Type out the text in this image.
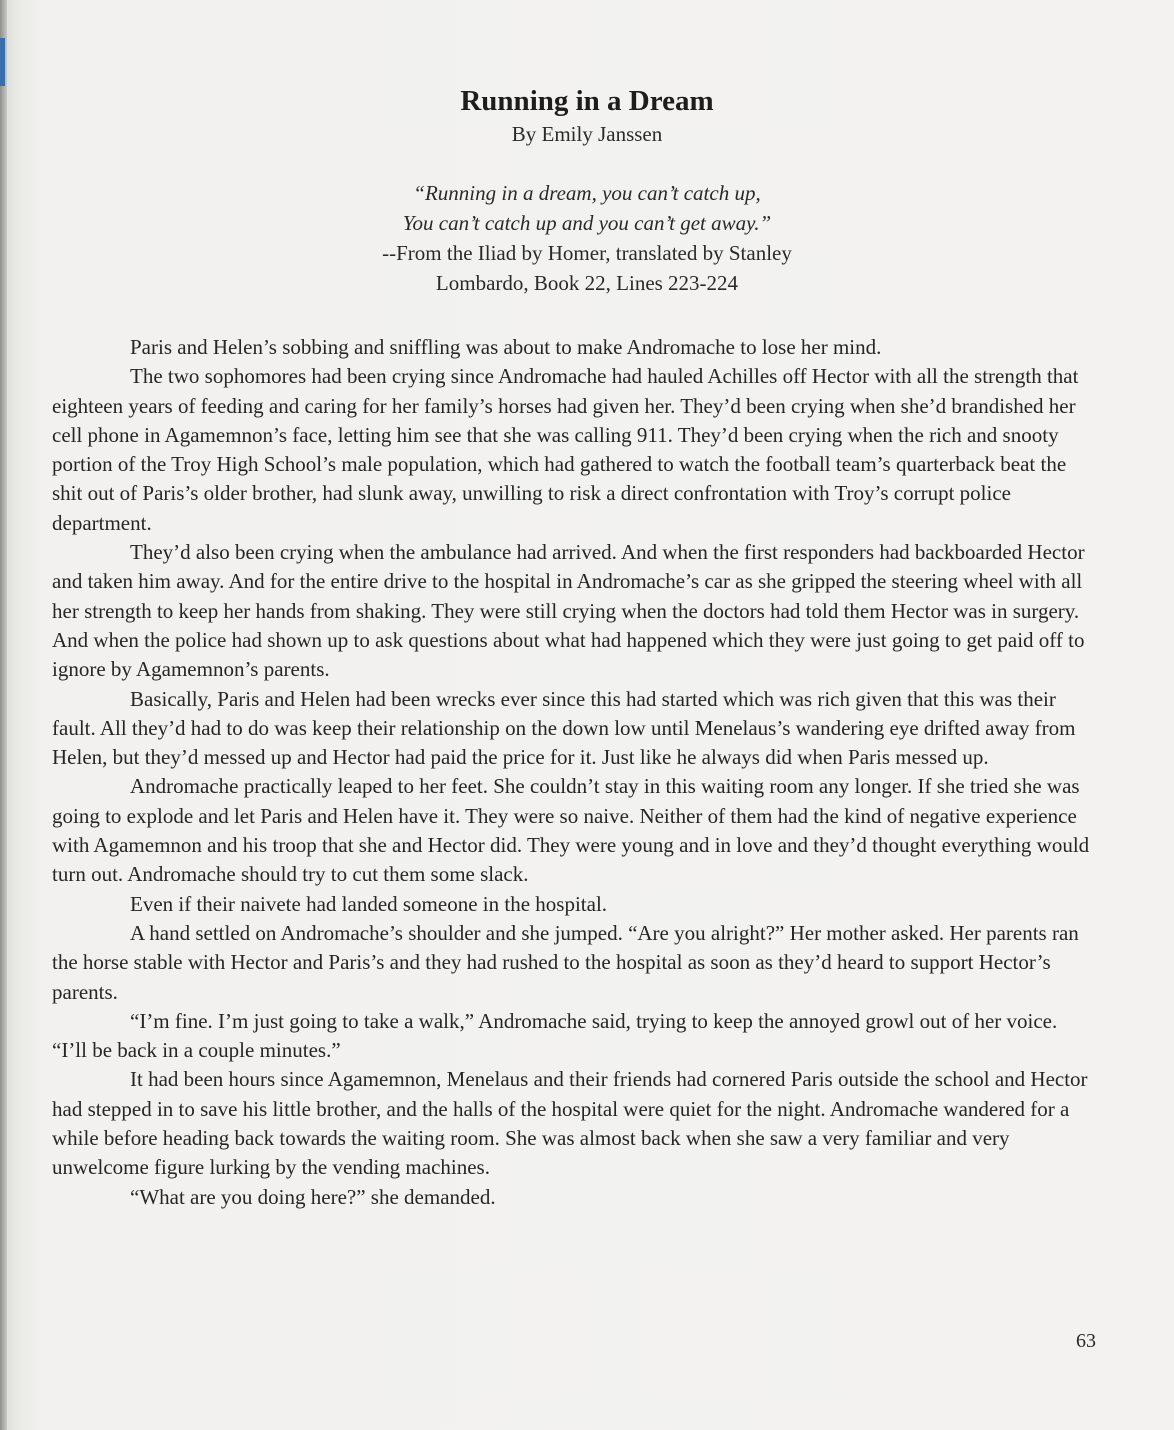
Running in a Dream
By Emily Janssen
“Running in a dream, you can’t catch up,
You can’t catch up and you can’t get away.”
--From the Iliad by Homer, translated by Stanley
Lombardo, Book 22, Lines 223-224

Paris and Helen’s sobbing and sniffling was about to make Andromache to lose her mind.

The two sophomores had been crying since Andromache had hauled Achilles off Hector with all the strength that eighteen years of feeding and caring for her family’s horses had given her. They’d been crying when she’d brandished her cell phone in Agamemnon’s face, letting him see that she was calling 911. They’d been crying when the rich and snooty portion of the Troy High School’s male population, which had gathered to watch the football team’s quarterback beat the shit out of Paris’s older brother, had slunk away, unwilling to risk a direct confrontation with Troy’s corrupt police department.

They’d also been crying when the ambulance had arrived. And when the first responders had backboarded Hector and taken him away. And for the entire drive to the hospital in Andromache’s car as she gripped the steering wheel with all her strength to keep her hands from shaking. They were still crying when the doctors had told them Hector was in surgery. And when the police had shown up to ask questions about what had happened which they were just going to get paid off to ignore by Agamemnon’s parents.

Basically, Paris and Helen had been wrecks ever since this had started which was rich given that this was their fault. All they’d had to do was keep their relationship on the down low until Menelaus’s wandering eye drifted away from Helen, but they’d messed up and Hector had paid the price for it. Just like he always did when Paris messed up.

Andromache practically leaped to her feet. She couldn’t stay in this waiting room any longer. If she tried she was going to explode and let Paris and Helen have it. They were so naive. Neither of them had the kind of negative experience with Agamemnon and his troop that she and Hector did. They were young and in love and they’d thought everything would turn out. Andromache should try to cut them some slack.

Even if their naivete had landed someone in the hospital.

A hand settled on Andromache’s shoulder and she jumped. “Are you alright?” Her mother asked. Her parents ran the horse stable with Hector and Paris’s and they had rushed to the hospital as soon as they’d heard to support Hector’s parents.

“I’m fine. I’m just going to take a walk,” Andromache said, trying to keep the annoyed growl out of her voice. “I’ll be back in a couple minutes.”

It had been hours since Agamemnon, Menelaus and their friends had cornered Paris outside the school and Hector had stepped in to save his little brother, and the halls of the hospital were quiet for the night. Andromache wandered for a while before heading back towards the waiting room. She was almost back when she saw a very familiar and very unwelcome figure lurking by the vending machines.

“What are you doing here?” she demanded.

63
